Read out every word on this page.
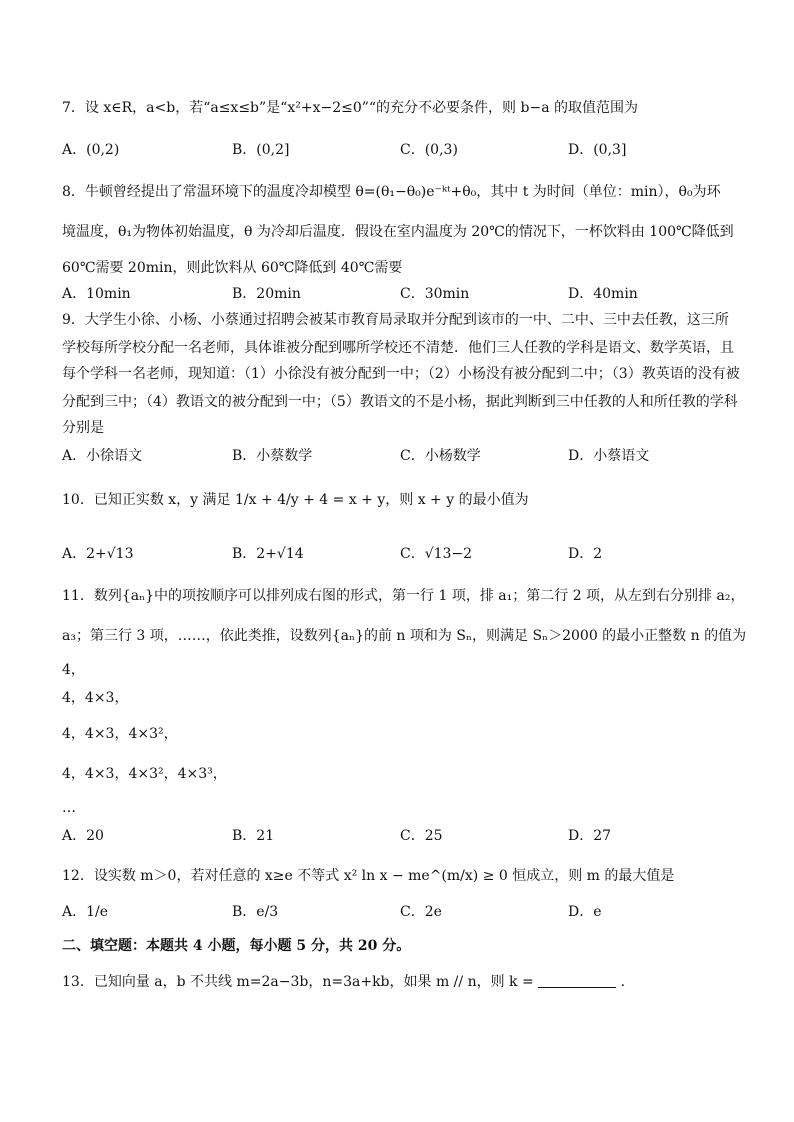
7．设 x∈R，a<b，若“a≤x≤b”是“x²+x−2≤0”“的充分不必要条件，则 b−a 的取值范围为
A．(0,2)	B．(0,2]	C．(0,3)	D．(0,3]
8．牛顿曾经提出了常温环境下的温度冷却模型 θ=(θ₁−θ₀)e⁻ᵏᵗ+θ₀，其中 t 为时间（单位：min），θ₀为环
境温度，θ₁为物体初始温度，θ 为冷却后温度．假设在室内温度为 20℃的情况下，一杯饮料由 100℃降低到
60℃需要 20min，则此饮料从 60℃降低到 40℃需要
A．10min	B．20min	C．30min	D．40min
9．大学生小徐、小杨、小蔡通过招聘会被某市教育局录取并分配到该市的一中、二中、三中去任教，这三所
学校每所学校分配一名老师，具体谁被分配到哪所学校还不清楚．他们三人任教的学科是语文、数学英语，且
每个学科一名老师，现知道：（1）小徐没有被分配到一中；（2）小杨没有被分配到二中；（3）教英语的没有被
分配到三中；（4）教语文的被分配到一中；（5）教语文的不是小杨，据此判断到三中任教的人和所任教的学科
分别是
A．小徐语文	B．小蔡数学	C．小杨数学	D．小蔡语文
10．已知正实数 x，y 满足 1/x + 4/y + 4 = x + y，则 x + y 的最小值为
A．2+√13	B．2+√14	C．√13−2	D．2
11．数列{aₙ}中的项按顺序可以排列成右图的形式，第一行 1 项，排 a₁；第二行 2 项，从左到右分别排 a₂，
a₃；第三行 3 项，……，依此类推，设数列{aₙ}的前 n 项和为 Sₙ，则满足 Sₙ＞2000 的最小正整数 n 的值为
4，
4，4×3，
4，4×3，4×3²，
4，4×3，4×3²，4×3³，
…
A．20	B．21	C．25	D．27
12．设实数 m＞0，若对任意的 x≥e 不等式 x² ln x − me^(m/x) ≥ 0 恒成立，则 m 的最大值是
A．1/e	B．e/3	C．2e	D．e
二、填空题：本题共 4 小题，每小题 5 分，共 20 分。
13．已知向量 a，b 不共线 m=2a−3b，n=3a+kb，如果 m // n，则 k =	.
